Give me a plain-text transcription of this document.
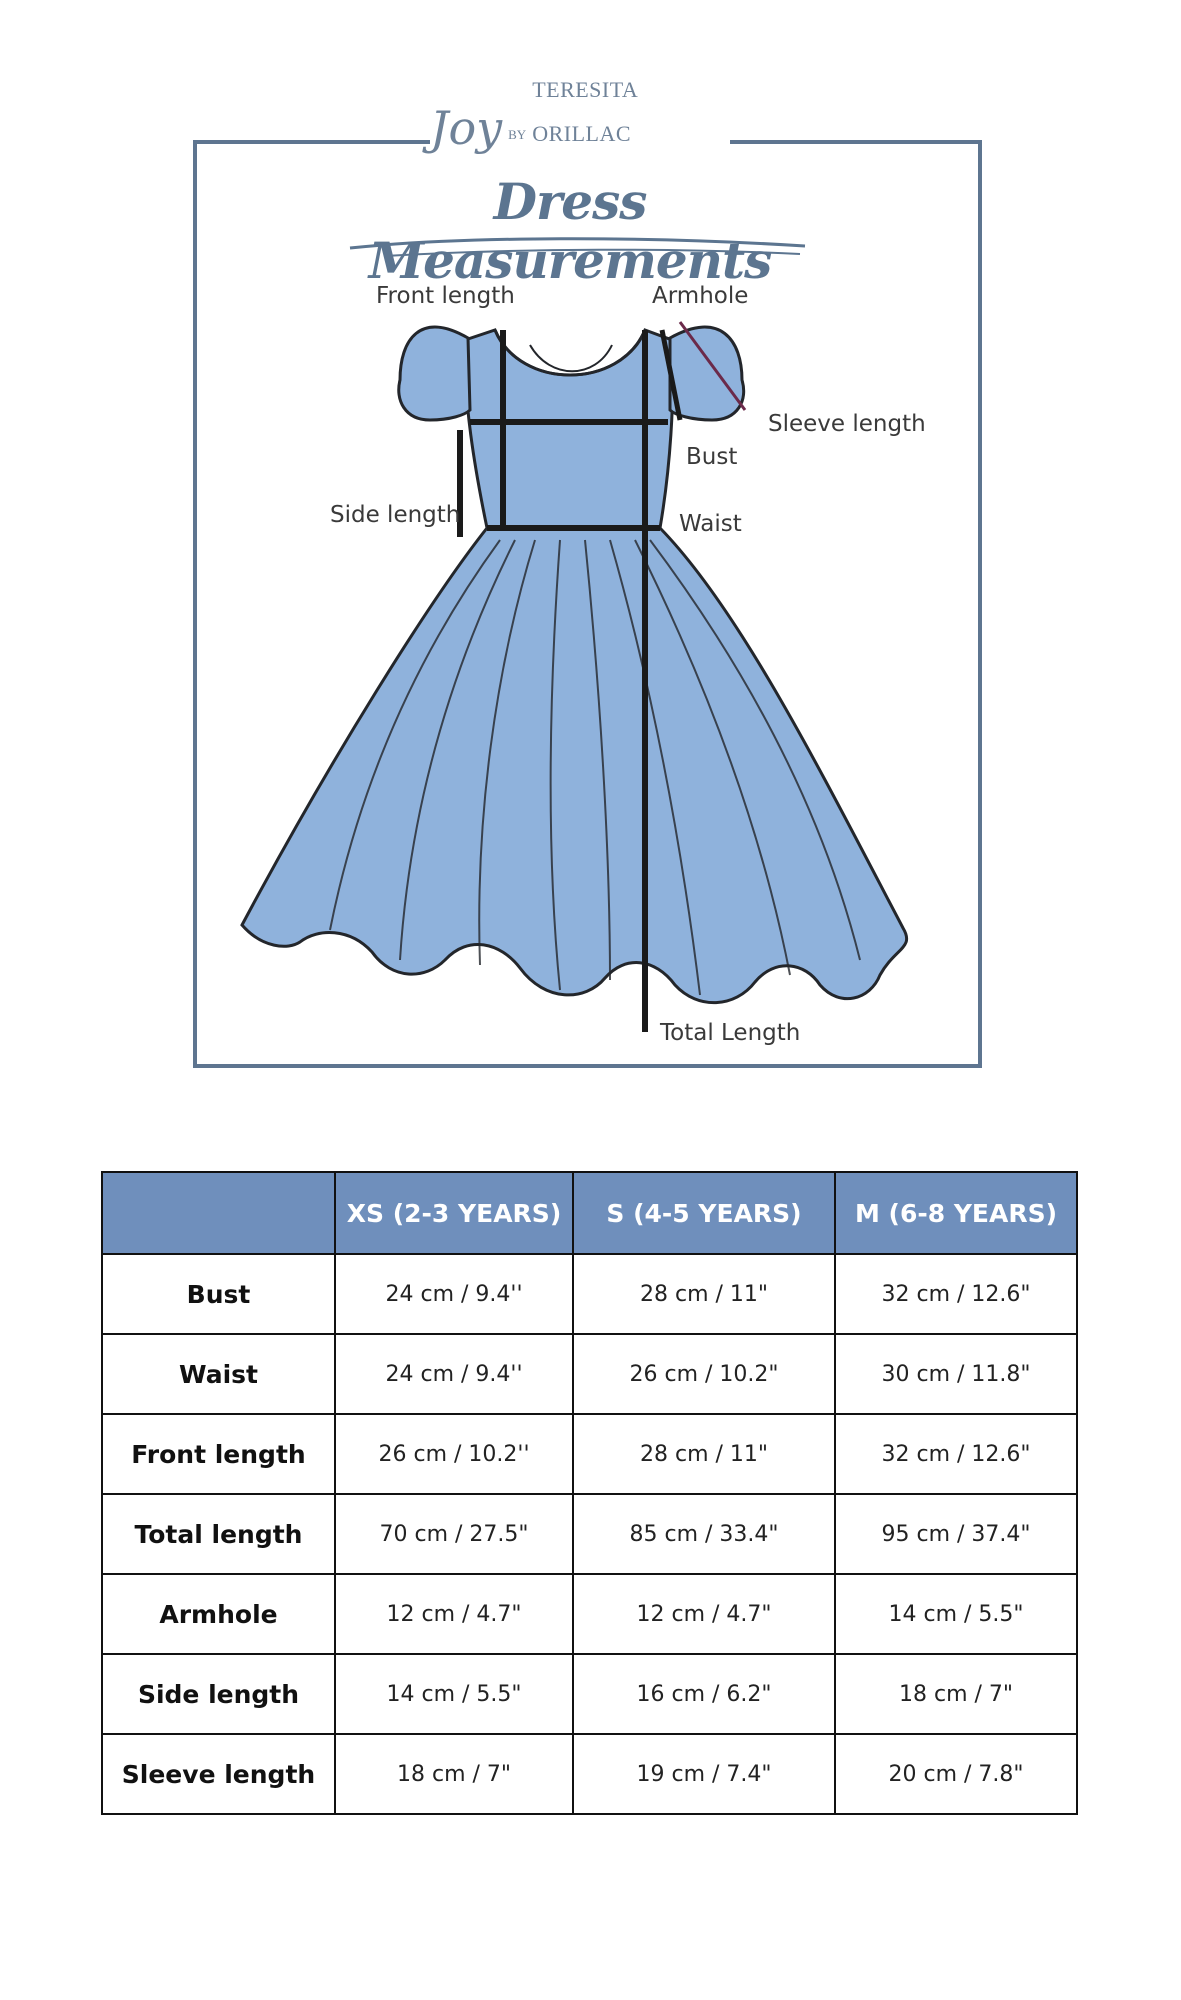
Joy BY
TERESITA ORILLAC
Dress Measurements
Front length	Armhole
Sleeve length
Bust
Side length	Waist
Total Length
	XS (2-3 YEARS)	S (4-5 YEARS)	M (6-8 YEARS)
Bust	24 cm / 9.4''	28 cm / 11"	32 cm / 12.6"
Waist	24 cm / 9.4''	26 cm / 10.2"	30 cm / 11.8"
Front length	26 cm / 10.2''	28 cm / 11"	32 cm / 12.6"
Total length	70 cm / 27.5"	85 cm / 33.4"	95 cm / 37.4"
Armhole	12 cm / 4.7"	12 cm / 4.7"	14 cm / 5.5"
Side length	14 cm / 5.5"	16 cm / 6.2"	18 cm / 7"
Sleeve length	18 cm / 7"	19 cm / 7.4"	20 cm / 7.8"
